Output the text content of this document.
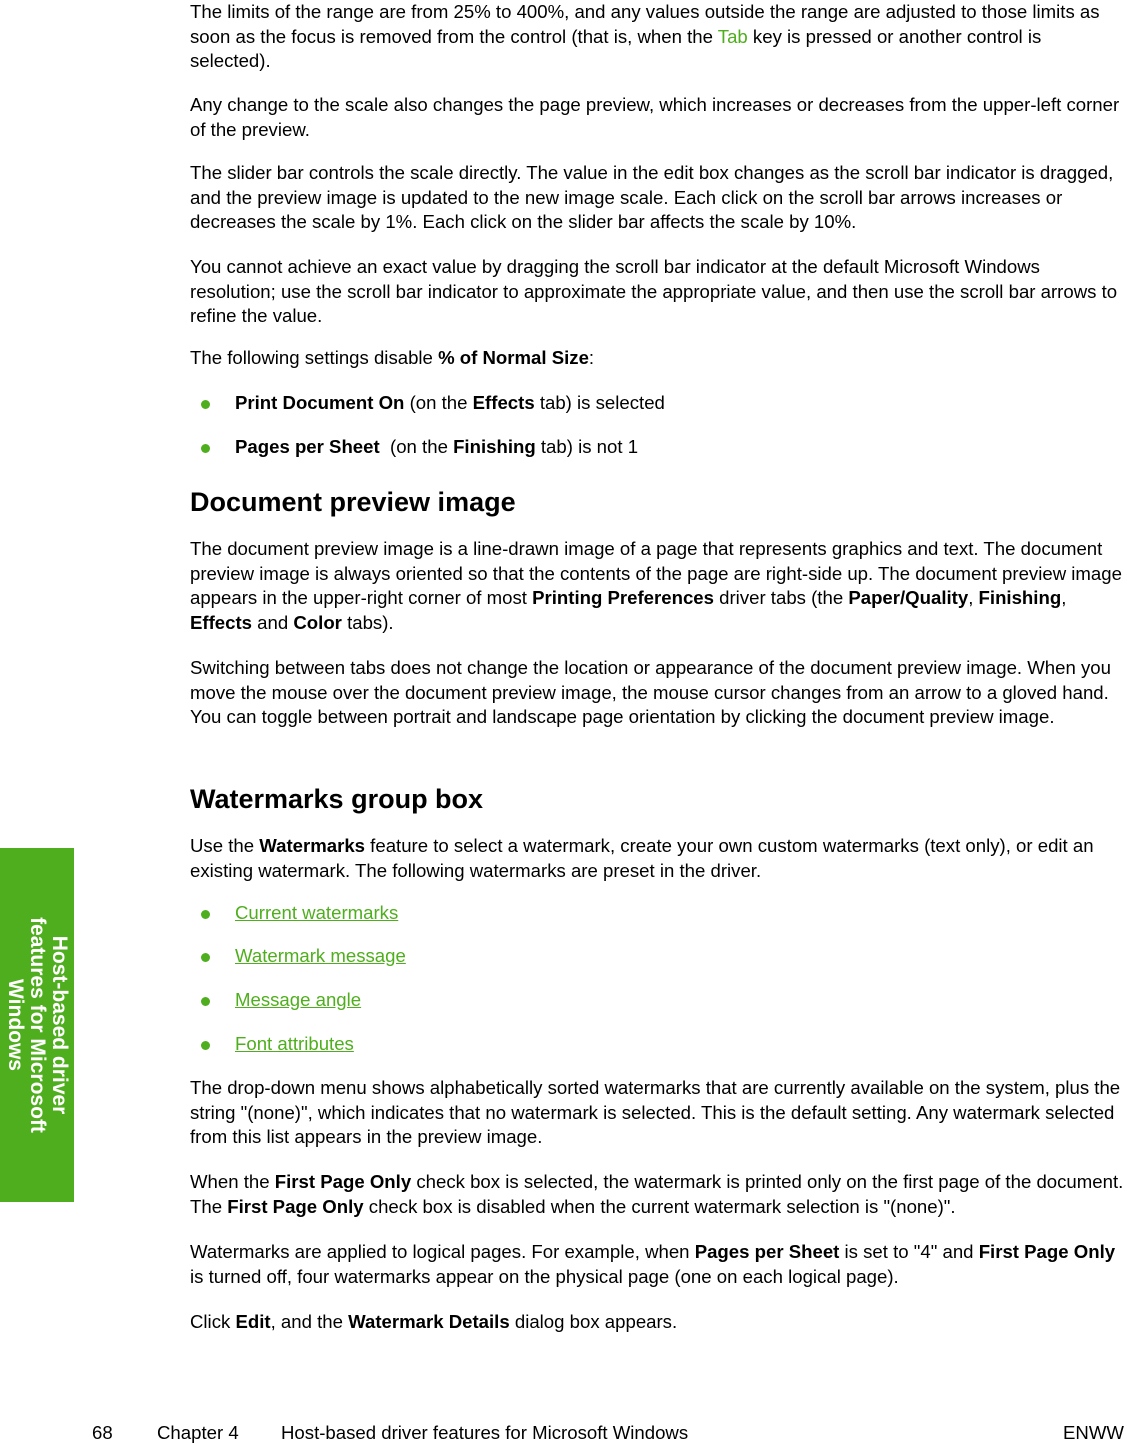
Host-based driver
features for Microsoft
Windows

The limits of the range are from 25% to 400%, and any values outside the range are adjusted to those limits as soon as the focus is removed from the control (that is, when the Tab key is pressed or another control is selected).

Any change to the scale also changes the page preview, which increases or decreases from the upper-left corner of the preview.

The slider bar controls the scale directly. The value in the edit box changes as the scroll bar indicator is dragged, and the preview image is updated to the new image scale. Each click on the scroll bar arrows increases or decreases the scale by 1%. Each click on the slider bar affects the scale by 10%.

You cannot achieve an exact value by dragging the scroll bar indicator at the default Microsoft Windows resolution; use the scroll bar indicator to approximate the appropriate value, and then use the scroll bar arrows to refine the value.

The following settings disable % of Normal Size:

Print Document On (on the Effects tab) is selected
Pages per Sheet  (on the Finishing tab) is not 1
Document preview image

The document preview image is a line-drawn image of a page that represents graphics and text. The document preview image is always oriented so that the contents of the page are right-side up. The document preview image appears in the upper-right corner of most Printing Preferences driver tabs (the Paper/Quality, Finishing, Effects and Color tabs).

Switching between tabs does not change the location or appearance of the document preview image. When you move the mouse over the document preview image, the mouse cursor changes from an arrow to a gloved hand. You can toggle between portrait and landscape page orientation by clicking the document preview image.

Watermarks group box

Use the Watermarks feature to select a watermark, create your own custom watermarks (text only), or edit an existing watermark. The following watermarks are preset in the driver.

Current watermarks
Watermark message
Message angle
Font attributes

The drop-down menu shows alphabetically sorted watermarks that are currently available on the system, plus the string "(none)", which indicates that no watermark is selected. This is the default setting. Any watermark selected from this list appears in the preview image.

When the First Page Only check box is selected, the watermark is printed only on the first page of the document. The First Page Only check box is disabled when the current watermark selection is "(none)".

Watermarks are applied to logical pages. For example, when Pages per Sheet is set to "4" and First Page Only is turned off, four watermarks appear on the physical page (one on each logical page).

Click Edit, and the Watermark Details dialog box appears.

68 Chapter 4 Host-based driver features for Microsoft Windows	ENWW
